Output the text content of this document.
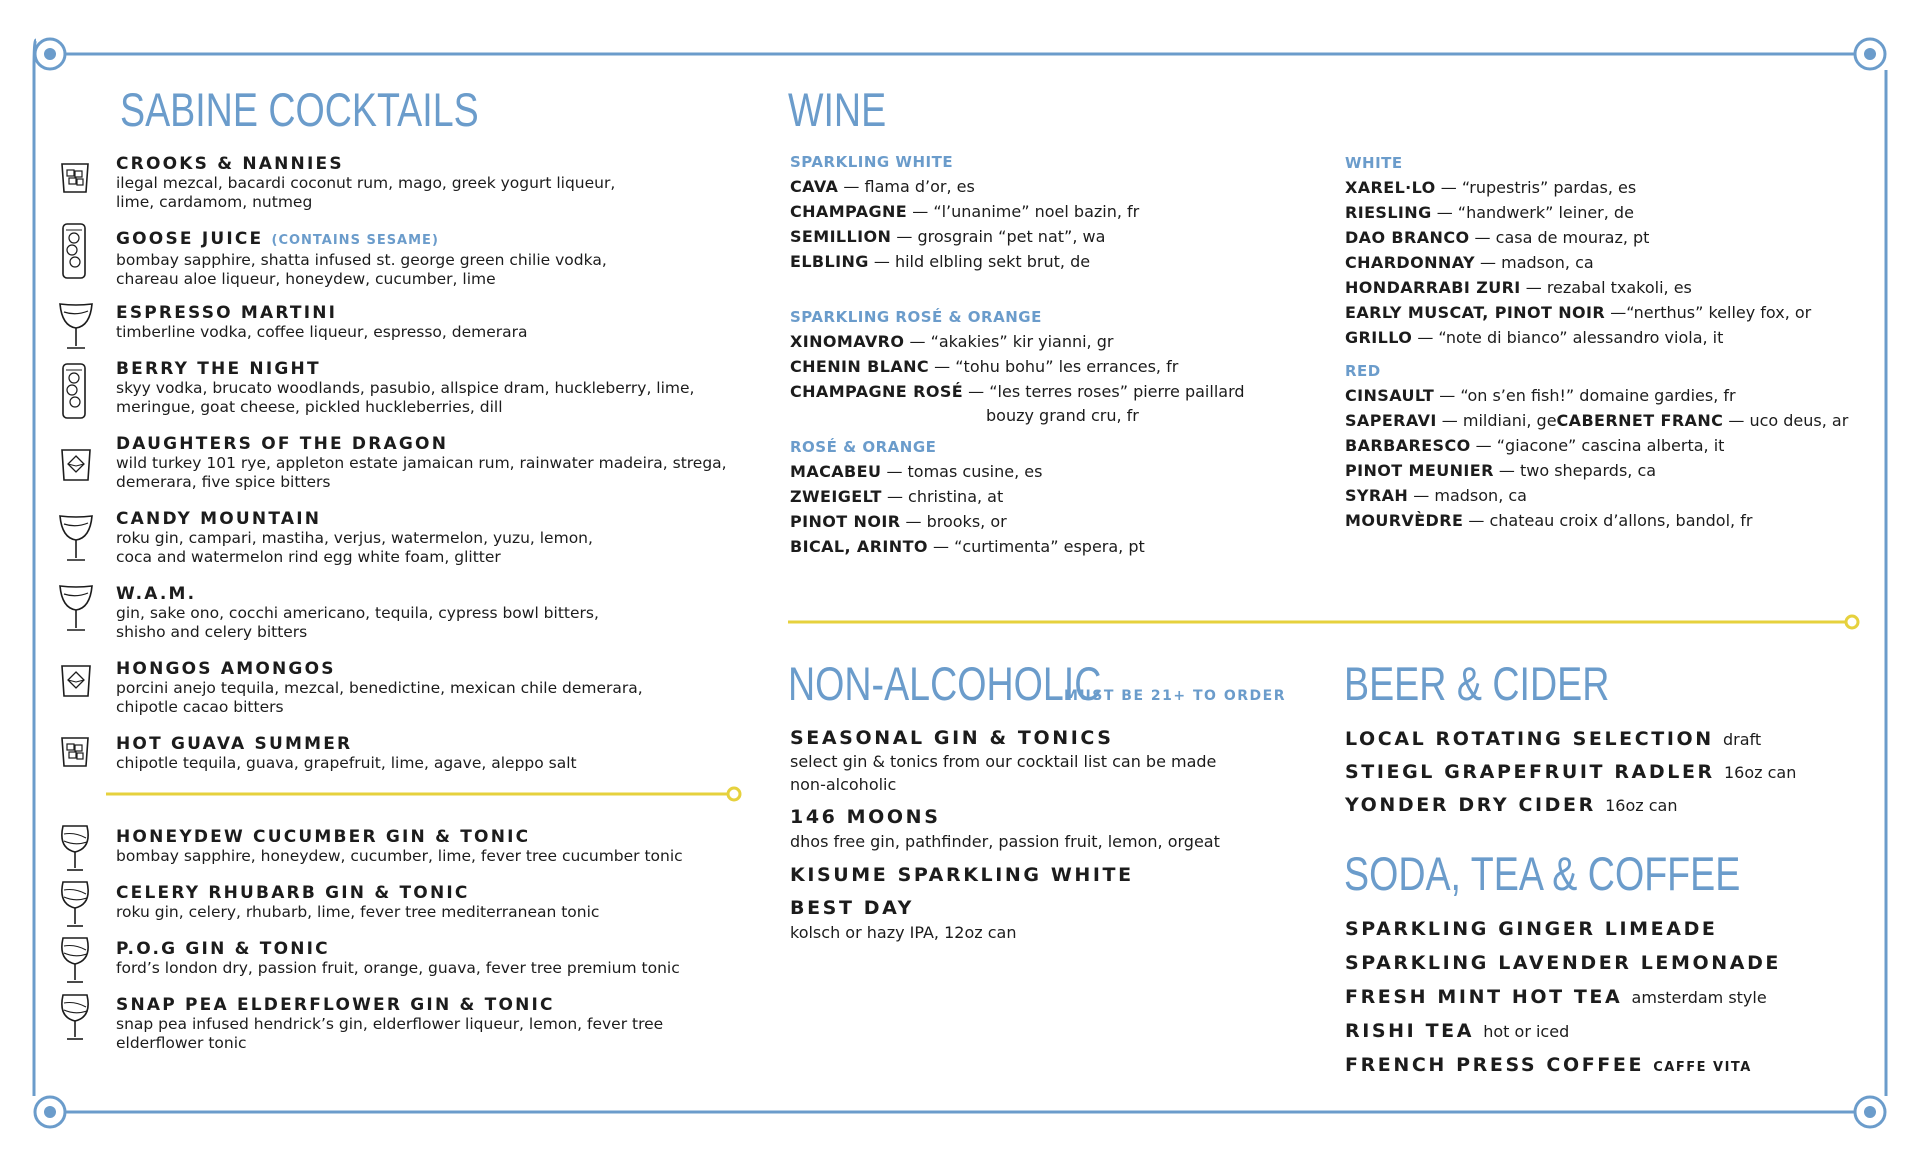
SABINE COCKTAILS
CROOKS & NANNIES
ilegal mezcal, bacardi coconut rum, mago, greek yogurt liqueur,
lime, cardamom, nutmeg
GOOSE JUICE (CONTAINS SESAME)
bombay sapphire, shatta infused st. george green chilie vodka,
chareau aloe liqueur, honeydew, cucumber, lime
ESPRESSO MARTINI
timberline vodka, coffee liqueur, espresso, demerara
BERRY THE NIGHT
skyy vodka, brucato woodlands, pasubio, allspice dram, huckleberry, lime,
meringue, goat cheese, pickled huckleberries, dill
DAUGHTERS OF THE DRAGON
wild turkey 101 rye, appleton estate jamaican rum, rainwater madeira, strega,
demerara, five spice bitters
CANDY MOUNTAIN
roku gin, campari, mastiha, verjus, watermelon, yuzu, lemon,
coca and watermelon rind egg white foam, glitter
W.A.M.
gin, sake ono, cocchi americano, tequila, cypress bowl bitters,
shisho and celery bitters
HONGOS AMONGOS
porcini anejo tequila, mezcal, benedictine, mexican chile demerara,
chipotle cacao bitters
HOT GUAVA SUMMER
chipotle tequila, guava, grapefruit, lime, agave, aleppo salt
HONEYDEW CUCUMBER GIN & TONIC
bombay sapphire, honeydew, cucumber, lime, fever tree cucumber tonic
CELERY RHUBARB GIN & TONIC
roku gin, celery, rhubarb, lime, fever tree mediterranean tonic
P.O.G GIN & TONIC
ford’s london dry, passion fruit, orange, guava, fever tree premium tonic
SNAP PEA ELDERFLOWER GIN & TONIC
snap pea infused hendrick’s gin, elderflower liqueur, lemon, fever tree
elderflower tonic
WINE
SPARKLING WHITE
CAVA — flama d’or, es
CHAMPAGNE — “l’unanime” noel bazin, fr
SEMILLION — grosgrain “pet nat”, wa
ELBLING — hild elbling sekt brut, de
SPARKLING ROSÉ & ORANGE
XINOMAVRO — “akakies” kir yianni, gr
CHENIN BLANC — “tohu bohu” les errances, fr
CHAMPAGNE ROSÉ — “les terres roses” pierre paillard
bouzy grand cru, fr
ROSÉ & ORANGE
MACABEU — tomas cusine, es
ZWEIGELT — christina, at
PINOT NOIR — brooks, or
BICAL, ARINTO — “curtimenta” espera, pt
WHITE
XAREL·LO — “rupestris” pardas, es
RIESLING — “handwerk” leiner, de
DAO BRANCO — casa de mouraz, pt
CHARDONNAY — madson, ca
HONDARRABI ZURI — rezabal txakoli, es
EARLY MUSCAT, PINOT NOIR —“nerthus” kelley fox, or
GRILLO — “note di bianco” alessandro viola, it
RED
CINSAULT — “on s’en fish!” domaine gardies, fr
SAPERAVI — mildiani, geCABERNET FRANC — uco deus, ar
BARBARESCO — “giacone” cascina alberta, it
PINOT MEUNIER — two shepards, ca
SYRAH — madson, ca
MOURVÈDRE — chateau croix d’allons, bandol, fr
NON-ALCOHOLIC
MUST BE 21+ TO ORDER
SEASONAL GIN & TONICS
select gin & tonics from our cocktail list can be made
non-alcoholic
146 MOONS
dhos free gin, pathfinder, passion fruit, lemon, orgeat
KISUME SPARKLING WHITE
BEST DAY
kolsch or hazy IPA, 12oz can
BEER & CIDER
LOCAL ROTATING SELECTION draft
STIEGL GRAPEFRUIT RADLER 16oz can
YONDER DRY CIDER 16oz can
SODA, TEA & COFFEE
SPARKLING GINGER LIMEADE
SPARKLING LAVENDER LEMONADE
FRESH MINT HOT TEA amsterdam style
RISHI TEA hot or iced
FRENCH PRESS COFFEE CAFFE VITA
